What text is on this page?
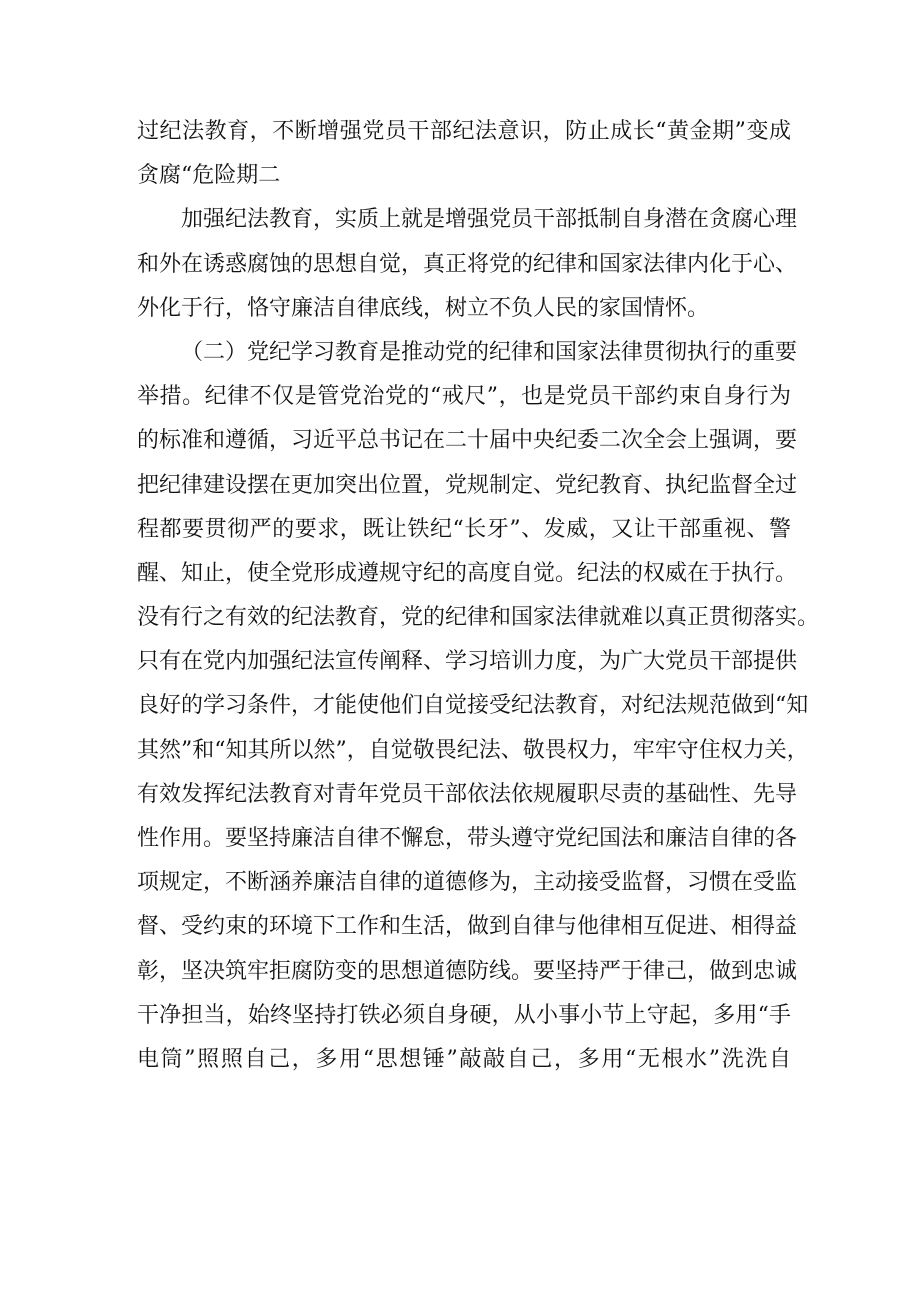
过纪法教育，不断增强党员干部纪法意识，防止成长“黄金期”变成
贪腐“危险期二
加强纪法教育，实质上就是增强党员干部抵制自身潜在贪腐心理
和外在诱惑腐蚀的思想自觉，真正将党的纪律和国家法律内化于心、
外化于行，恪守廉洁自律底线，树立不负人民的家国情怀。
（二）党纪学习教育是推动党的纪律和国家法律贯彻执行的重要
举措。纪律不仅是管党治党的“戒尺”，也是党员干部约束自身行为
的标准和遵循，习近平总书记在二十届中央纪委二次全会上强调，要
把纪律建设摆在更加突出位置，党规制定、党纪教育、执纪监督全过
程都要贯彻严的要求，既让铁纪“长牙”、发威，又让干部重视、警
醒、知止，使全党形成遵规守纪的高度自觉。纪法的权威在于执行。
没有行之有效的纪法教育，党的纪律和国家法律就难以真正贯彻落实。
只有在党内加强纪法宣传阐释、学习培训力度，为广大党员干部提供
良好的学习条件，才能使他们自觉接受纪法教育，对纪法规范做到“知
其然”和“知其所以然”，自觉敬畏纪法、敬畏权力，牢牢守住权力关，
有效发挥纪法教育对青年党员干部依法依规履职尽责的基础性、先导
性作用。要坚持廉洁自律不懈怠，带头遵守党纪国法和廉洁自律的各
项规定，不断涵养廉洁自律的道德修为，主动接受监督，习惯在受监
督、受约束的环境下工作和生活，做到自律与他律相互促进、相得益
彰，坚决筑牢拒腐防变的思想道德防线。要坚持严于律己，做到忠诚
干净担当，始终坚持打铁必须自身硬，从小事小节上守起，多用“手
电筒”照照自己，多用“思想锤”敲敲自己，多用“无根水”洗洗自
